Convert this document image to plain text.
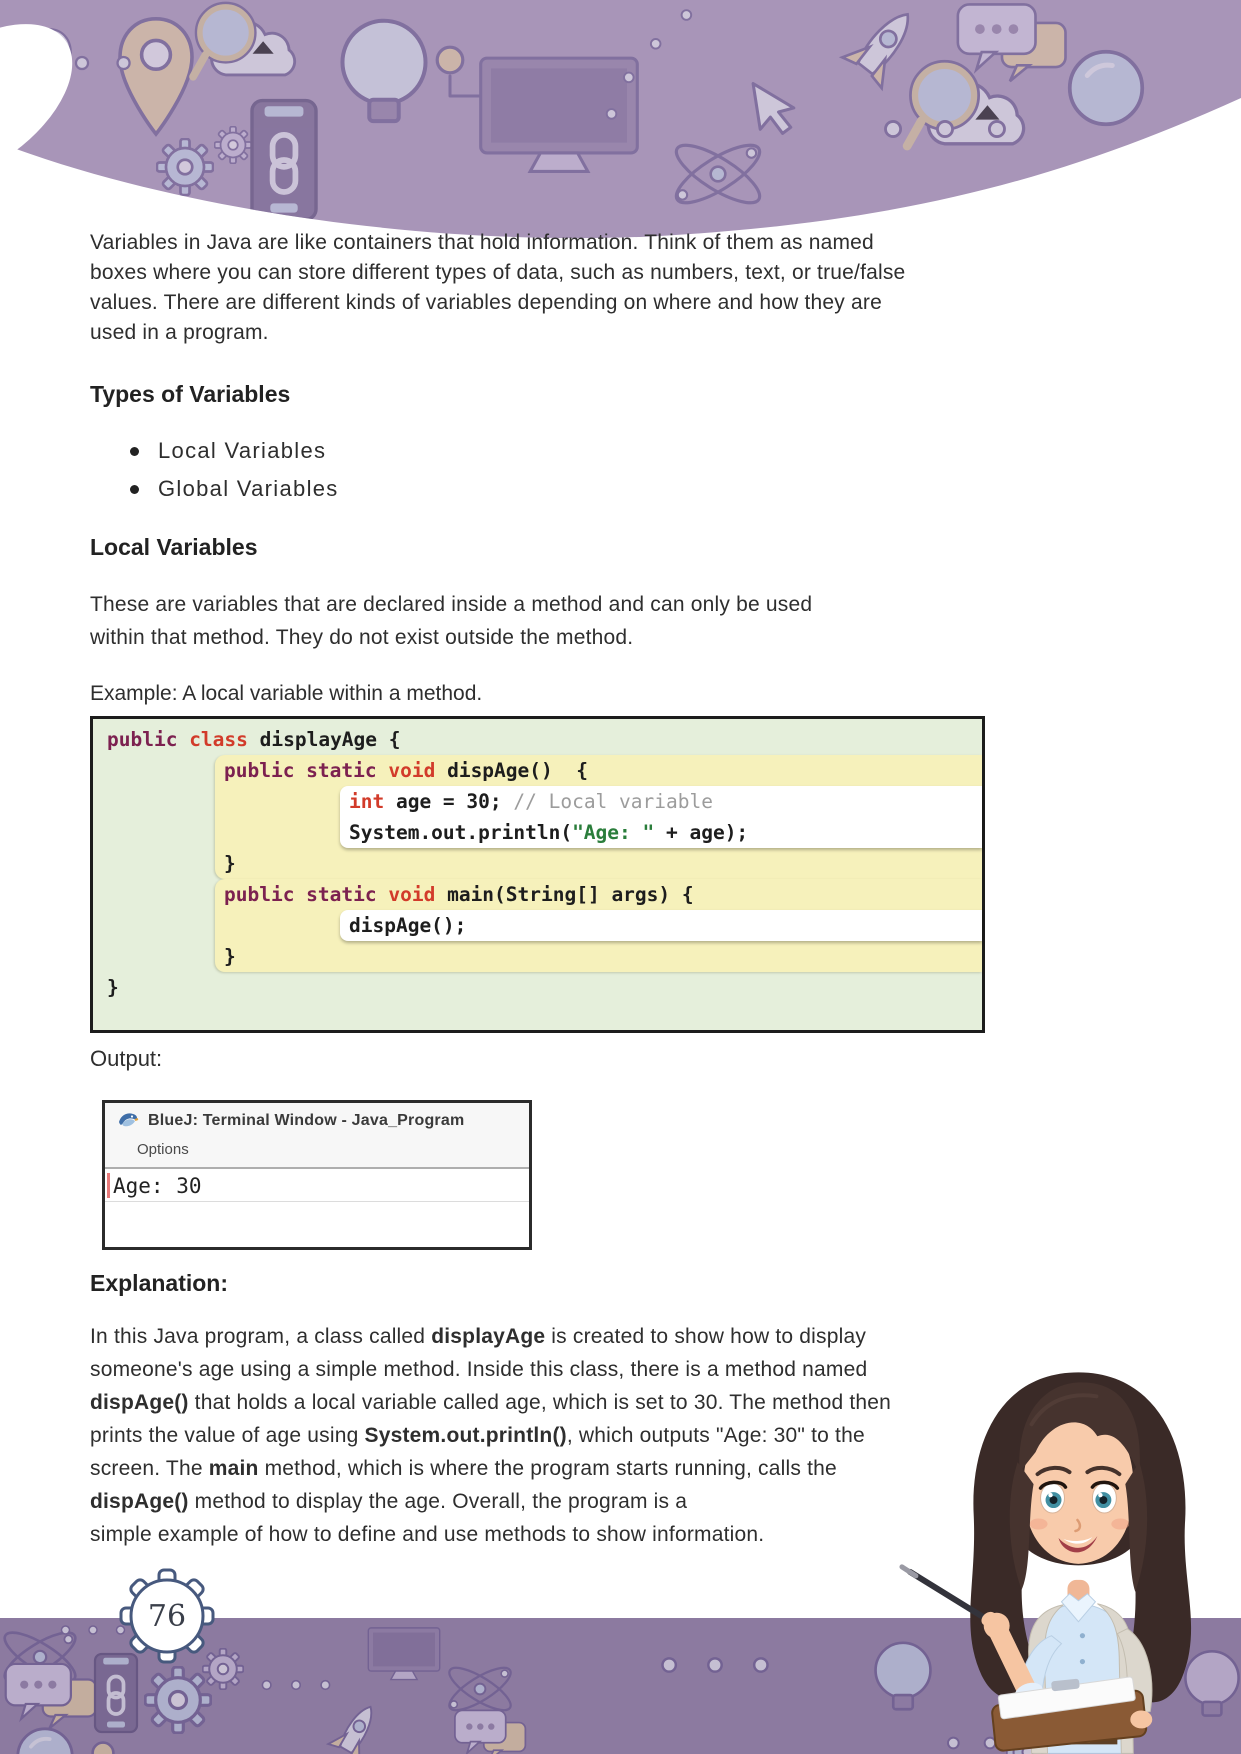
Variables in Java are like containers that hold information. Think of them as named
boxes where you can store different types of data, such as numbers, text, or true/false
values. There are different kinds of variables depending on where and how they are
used in a program.
Types of Variables
Local Variables
Global Variables
Local Variables
These are variables that are declared inside a method and can only be used
within that method. They do not exist outside the method.
Example: A local variable within a method.
public class displayAge {
public static void dispAge()  {
int age = 30; // Local variable
System.out.println("Age: " + age);
}
public static void main(String[] args) {
dispAge();
}
}
Output:
BlueJ: Terminal Window - Java_Program
Options
Age: 30
Explanation:
In this Java program, a class called displayAge is created to show how to display
someone's age using a simple method. Inside this class, there is a method named
dispAge() that holds a local variable called age, which is set to 30. The method then
prints the value of age using System.out.println(), which outputs "Age: 30" to the
screen. The main method, which is where the program starts running, calls the
dispAge() method to display the age. Overall, the program is a
simple example of how to define and use methods to show information.
76
